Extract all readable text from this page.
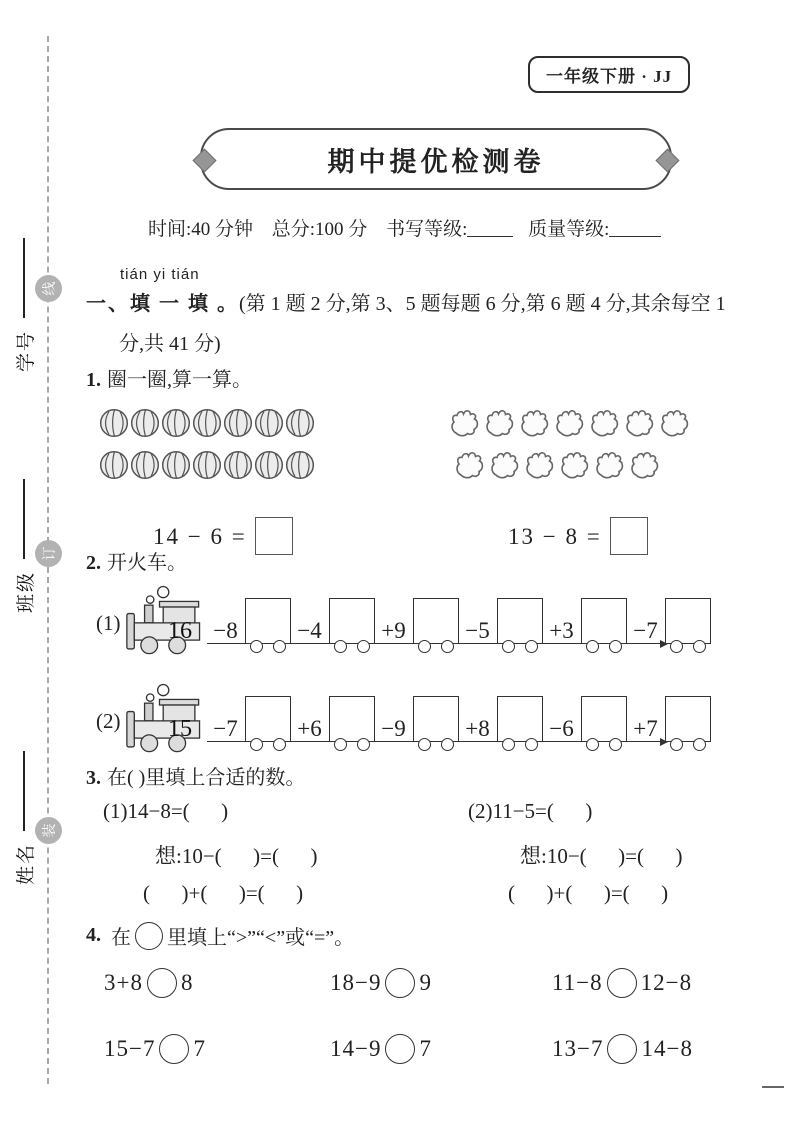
学号
班级
姓名
线
订
装
一年级下册 · JJ
期中提优检测卷
时间:40 分钟 总分:100 分 书写等级:	质量等级:
tián yi tián
一、填 一 填 。(第 1 题 2 分,第 3、5 题每题 6 分,第 6 题 4 分,其余每空 1
分,共 41 分)
1. 圈一圈,算一算。

14 − 6 =
	13 − 8 =

2. 开火车。
(1) 16 −8	−4	+9	−5	+3	−7
(2) 15 −7	+6	−9	+8	−6	+7
3. 在( )里填上合适的数。
(1)14−8=(      )
想:10−(      )=(      )
(      )+(      )=(      )
(2)11−5=(      )
想:10−(      )=(      )
(      )+(      )=(      )
4. 在 里填上“>”“<”或“=”。
3+8 8	18−9 9	11−8 12−8
15−7 7	14−9 7	13−7 14−8
